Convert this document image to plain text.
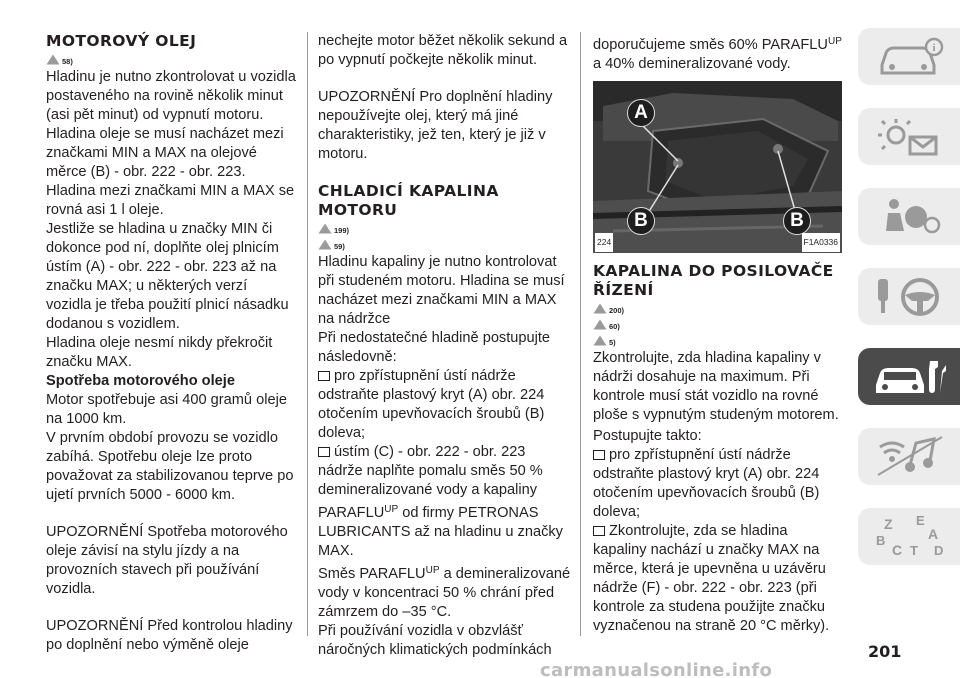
MOTOROVÝ OLEJ
58)

Hladinu je nutno zkontrolovat u vozidla postaveného na rovině několik minut (asi pět minut) od vypnutí motoru.

Hladina oleje se musí nacházet mezi značkami MIN a MAX na olejové měrce (B) - obr. 222 - obr. 223.

Hladina mezi značkami MIN a MAX se rovná asi 1 l oleje.

Jestliže se hladina u značky MIN či dokonce pod ní, doplňte olej plnicím ústím (A) - obr. 222 - obr. 223 až na značku MAX; u některých verzí vozidla je třeba použití plnicí násadku dodanou s vozidlem.

Hladina oleje nesmí nikdy překročit značku MAX.

Spotřeba motorového oleje

Motor spotřebuje asi 400 gramů oleje na 1000 km.

V prvním období provozu se vozidlo zabíhá. Spotřebu oleje lze proto považovat za stabilizovanou teprve po ujetí prvních 5000 - 6000 km.

UPOZORNĚNÍ Spotřeba motorového oleje závisí na stylu jízdy a na provozních stavech při používání vozidla.

UPOZORNĚNÍ Před kontrolou hladiny po doplnění nebo výměně oleje

nechejte motor běžet několik sekund a po vypnutí počkejte několik minut.

UPOZORNĚNÍ Pro doplnění hladiny nepoužívejte olej, který má jiné charakteristiky, jež ten, který je již v motoru.

CHLADICÍ KAPALINA MOTORU
199)
59)

Hladinu kapaliny je nutno kontrolovat při studeném motoru. Hladina se musí nacházet mezi značkami MIN a MAX na nádržce

Při nedostatečné hladině postupujte následovně:

pro zpřístupnění ústí nádrže odstraňte plastový kryt (A) obr. 224 otočením upevňovacích šroubů (B) doleva;

ústím (C) - obr. 222 - obr. 223 nádrže naplňte pomalu směs 50 % demineralizované vody a kapaliny $PARAFLU^{UP}$ od firmy PETRONAS LUBRICANTS až na hladinu u značky MAX.

Směs $PARAFLU^{UP}$ a demineralizované vody v koncentraci 50 % chrání před zámrzem do –35 °C.

Při používání vozidla v obzvlášť náročných klimatických podmínkách

doporučujeme směs 60% $PARAFLU^{UP}$
a 40% demineralizované vody.

A
B	B
224	F1A0336
KAPALINA DO POSILOVAČE ŘÍZENÍ
200)
60)
5)

Zkontrolujte, zda hladina kapaliny v nádrži dosahuje na maximum. Při kontrole musí stát vozidlo na rovné ploše s vypnutým studeným motorem.

Postupujte takto:

pro zpřístupnění ústí nádrže odstraňte plastový kryt (A) obr. 224 otočením upevňovacích šroubů (B) doleva;

Zkontrolujte, zda se hladina kapaliny nachází u značky MAX na měrce, která je upevněna u uzávěru nádrže (F) - obr. 222 - obr. 223 (při kontrole za studena použijte značku vyznačenou na straně 20 °C měrky).

i
Z E
A
B
C T D
201
carmanualsonline.info
